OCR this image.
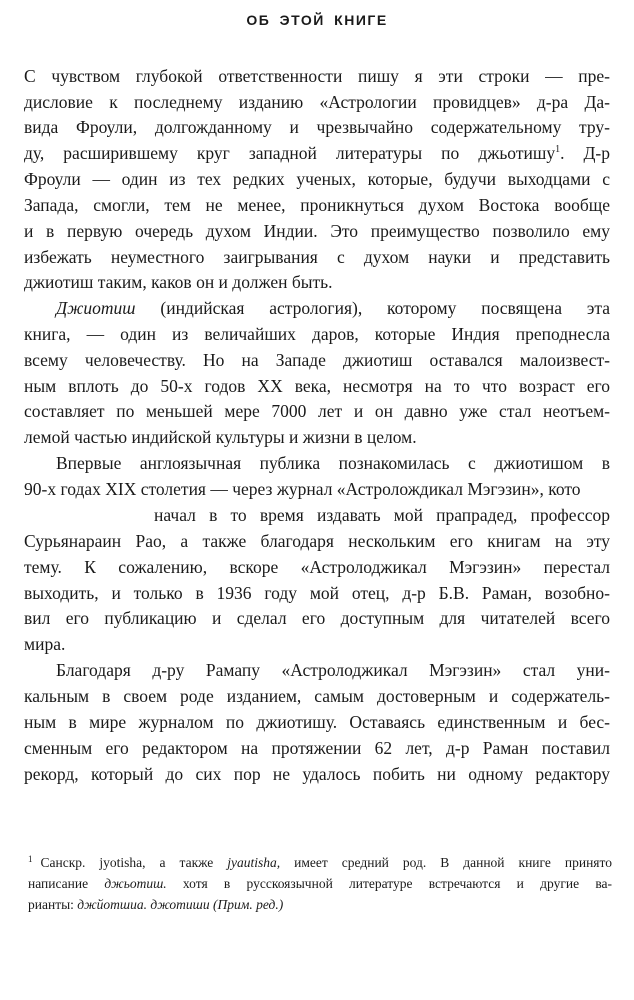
ОБ ЭТОЙ КНИГЕ
С чувством глубокой ответственности пишу я эти строки — пре-
дисловие к последнему изданию «Астрологии провидцев» д-ра Да-
вида Фроули, долгожданному и чрезвычайно содержательному тру-
ду, расширившему круг западной литературы по джьотишу$^1$. Д-р
Фроули — один из тех редких ученых, которые, будучи выходцами с
Запада, смогли, тем не менее, проникнуться духом Востока вообще
и в первую очередь духом Индии. Это преимущество позволило ему
избежать неуместного заигрывания с духом науки и представить
джиотиш таким, каков он и должен быть.
Джиотиш (индийская астрология), которому посвящена эта
книга, — один из величайших даров, которые Индия преподнесла
всему человечеству. Но на Западе джиотиш оставался малоизвест-
ным вплоть до 50-х годов XX века, несмотря на то что возраст его
составляет по меньшей мере 7000 лет и он давно уже стал неотъем-
лемой частью индийской культуры и жизни в целом.
Впервые англоязычная публика познакомилась с джиотишом в
90-х годах XIX столетия — через журнал «Астролождикал Мэгэзин», кото
начал в то время издавать мой прапрадед, профессор
Сурьянараин Рао, а также благодаря нескольким его книгам на эту
тему. К сожалению, вскоре «Астролоджикал Мэгэзин» перестал
выходить, и только в 1936 году мой отец, д-р Б.В. Раман, возобно-
вил его публикацию и сделал его доступным для читателей всего
мира.
Благодаря д-ру Рамапу «Астролоджикал Мэгэзин» стал уни-
кальным в своем роде изданием, самым достоверным и содержатель-
ным в мире журналом по джиотишу. Оставаясь единственным и бес-
сменным его редактором на протяжении 62 лет, д-р Раман поставил
рекорд, который до сих пор не удалось побить ни одному редактору
$^1$ Санскр. jyotisha, а также jyautisha, имеет средний род. В данной книге принято
написание джьотиш. хотя в русскоязычной литературе встречаются и другие ва-
рианты: джйотшиа. джотиши (Прим. ред.)
